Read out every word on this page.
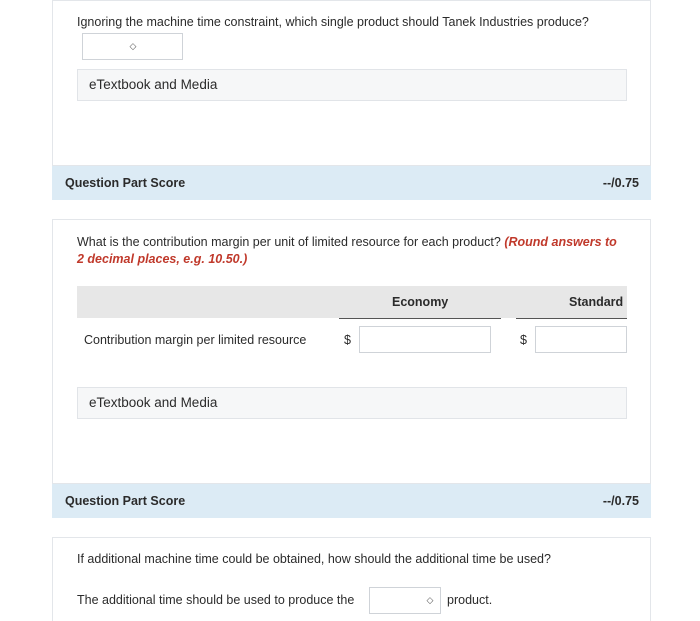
Ignoring the machine time constraint, which single product should Tanek Industries produce?
◇
eTextbook and Media
Question Part Score	--/0.75
What is the contribution margin per unit of limited resource for each product? (Round answers to 2 decimal places, e.g. 10.50.)
Economy	Standard
Contribution margin per limited resource	$	$
eTextbook and Media
Question Part Score	--/0.75
If additional machine time could be obtained, how should the additional time be used?
The additional time should be used to produce the	◇ product.
